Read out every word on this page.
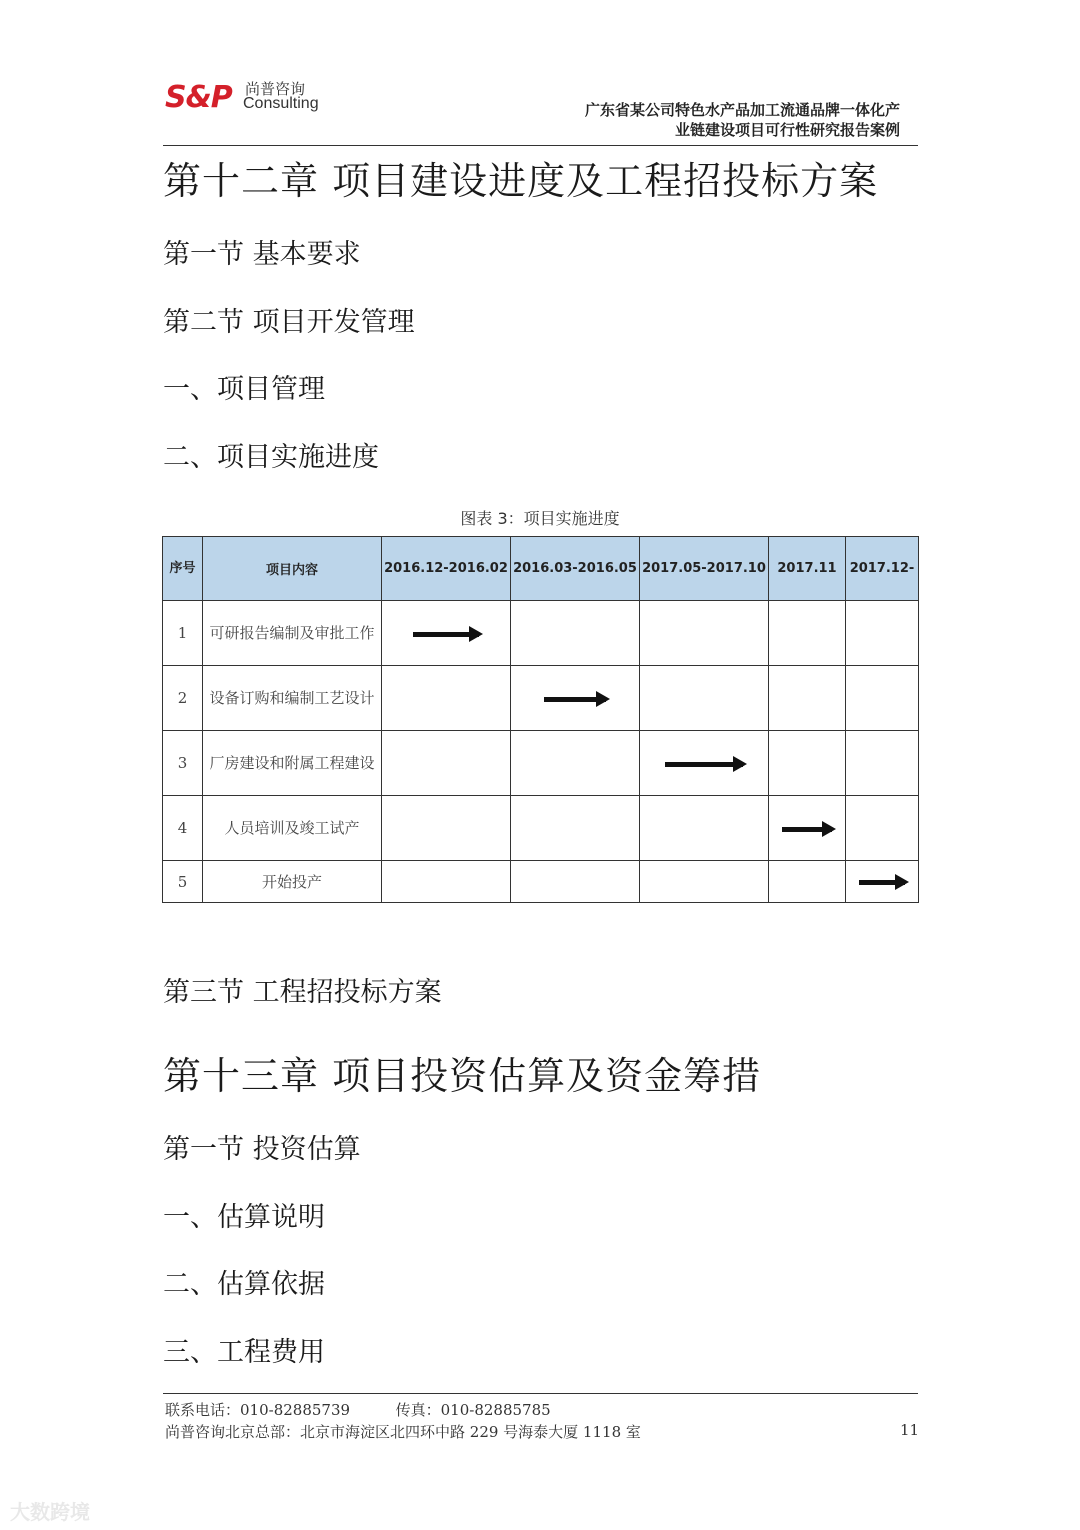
S&P 尚普咨询
Consulting	广东省某公司特色水产品加工流通品牌一体化产
业链建设项目可行性研究报告案例
第十二章 项目建设进度及工程招投标方案
第一节 基本要求
第二节 项目开发管理
一、项目管理
二、项目实施进度
图表 3：项目实施进度
序号	项目内容	2016.12-2016.02	2016.03-2016.05	2017.05-2017.10	2017.11	2017.12-
1	可研报告编制及审批工作					
2	设备订购和编制工艺设计					
3	厂房建设和附属工程建设					
4	人员培训及竣工试产					
5	开始投产					
第三节 工程招投标方案
第十三章 项目投资估算及资金筹措
第一节 投资估算
一、估算说明
二、估算依据
三、工程费用
联系电话：010-82885739	传真：010-82885785
尚普咨询北京总部：北京市海淀区北四环中路 229 号海泰大厦 1118 室	11
大数跨境
